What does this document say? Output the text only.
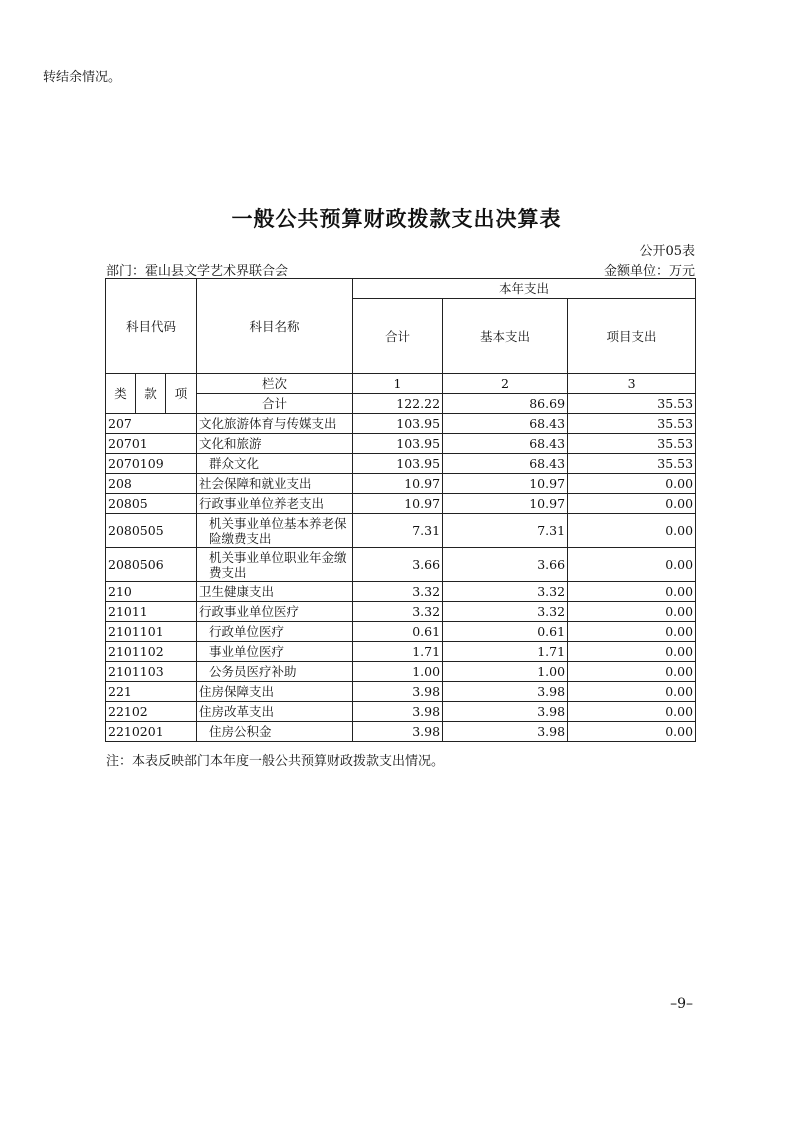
转结余情况。
一般公共预算财政拨款支出决算表
公开05表
部门：霍山县文学艺术界联合会	金额单位：万元
科目代码			科目名称	本年支出		
				合计	基本支出	项目支出
类	款	项	栏次	1	2	3
			合计	122.22	86.69	35.53
207			文化旅游体育与传媒支出	103.95	68.43	35.53
20701			文化和旅游	103.95	68.43	35.53
2070109			群众文化	103.95	68.43	35.53
208			社会保障和就业支出	10.97	10.97	0.00
20805			行政事业单位养老支出	10.97	10.97	0.00
2080505			机关事业单位基本养老保险缴费支出	7.31	7.31	0.00
2080506			机关事业单位职业年金缴费支出	3.66	3.66	0.00
210			卫生健康支出	3.32	3.32	0.00
21011			行政事业单位医疗	3.32	3.32	0.00
2101101			行政单位医疗	0.61	0.61	0.00
2101102			事业单位医疗	1.71	1.71	0.00
2101103			公务员医疗补助	1.00	1.00	0.00
221			住房保障支出	3.98	3.98	0.00
22102			住房改革支出	3.98	3.98	0.00
2210201			住房公积金	3.98	3.98	0.00
注：本表反映部门本年度一般公共预算财政拨款支出情况。
–9–
